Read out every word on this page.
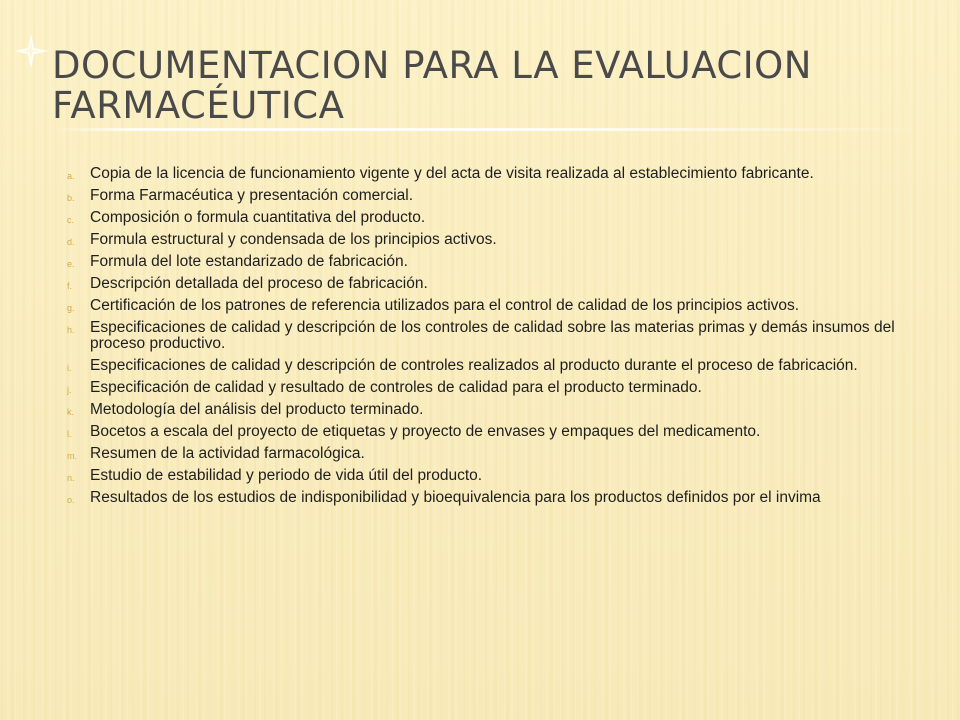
DOCUMENTACION PARA LA EVALUACION FARMACÉUTICA
a. Copia de la licencia de funcionamiento vigente y del acta de visita realizada al establecimiento fabricante.
b. Forma Farmacéutica y presentación comercial.
c. Composición o formula cuantitativa del producto.
d. Formula estructural y condensada de los principios activos.
e. Formula del lote estandarizado de fabricación.
f. Descripción detallada del proceso de fabricación.
g. Certificación de los patrones de referencia utilizados para el control de calidad de los principios activos.
h. Especificaciones de calidad y descripción de los controles de calidad sobre las materias primas y demás insumos del proceso productivo.
i. Especificaciones de calidad y descripción de controles realizados al producto durante el proceso de fabricación.
j. Especificación de calidad y resultado de controles de calidad para el producto terminado.
k. Metodología del análisis del producto terminado.
l. Bocetos a escala del proyecto de etiquetas y proyecto de envases y empaques del medicamento.
m. Resumen de la actividad farmacológica.
n. Estudio de estabilidad y periodo de vida útil del producto.
o. Resultados de los estudios de indisponibilidad y bioequivalencia para los productos definidos por el invima
